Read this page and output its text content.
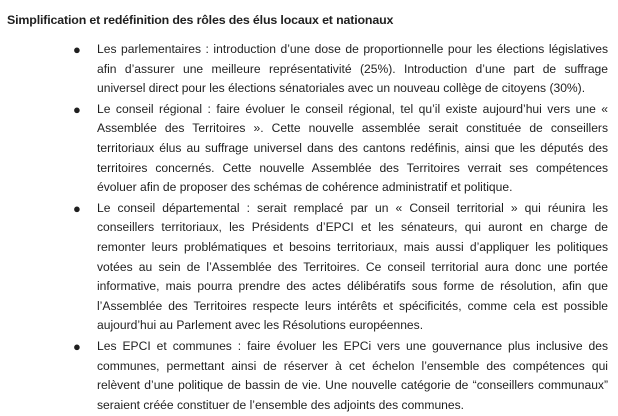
Simplification et redéfinition des rôles des élus locaux et nationaux
● Les parlementaires : introduction d’une dose de proportionnelle pour les élections législatives afin d’assurer une meilleure représentativité (25%). Introduction d’une part de suffrage universel direct pour les élections sénatoriales avec un nouveau collège de citoyens (30%).
● Le conseil régional : faire évoluer le conseil régional, tel qu’il existe aujourd’hui vers une « Assemblée des Territoires ». Cette nouvelle assemblée serait constituée de conseillers territoriaux élus au suffrage universel dans des cantons redéfinis, ainsi que les députés des territoires concernés. Cette nouvelle Assemblée des Territoires verrait ses compétences évoluer afin de proposer des schémas de cohérence administratif et politique.
● Le conseil départemental : serait remplacé par un « Conseil territorial » qui réunira les conseillers territoriaux, les Présidents d’EPCI et les sénateurs, qui auront en charge de remonter leurs problématiques et besoins territoriaux, mais aussi d’appliquer les politiques votées au sein de l’Assemblée des Territoires. Ce conseil territorial aura donc une portée informative, mais pourra prendre des actes délibératifs sous forme de résolution, afin que l’Assemblée des Territoires respecte leurs intérêts et spécificités, comme cela est possible aujourd’hui au Parlement avec les Résolutions européennes.
● Les EPCI et communes : faire évoluer les EPCi vers une gouvernance plus inclusive des communes, permettant ainsi de réserver à cet échelon l’ensemble des compétences qui relèvent d’une politique de bassin de vie. Une nouvelle catégorie de “conseillers communaux” seraient créée constituer de l’ensemble des adjoints des communes.
